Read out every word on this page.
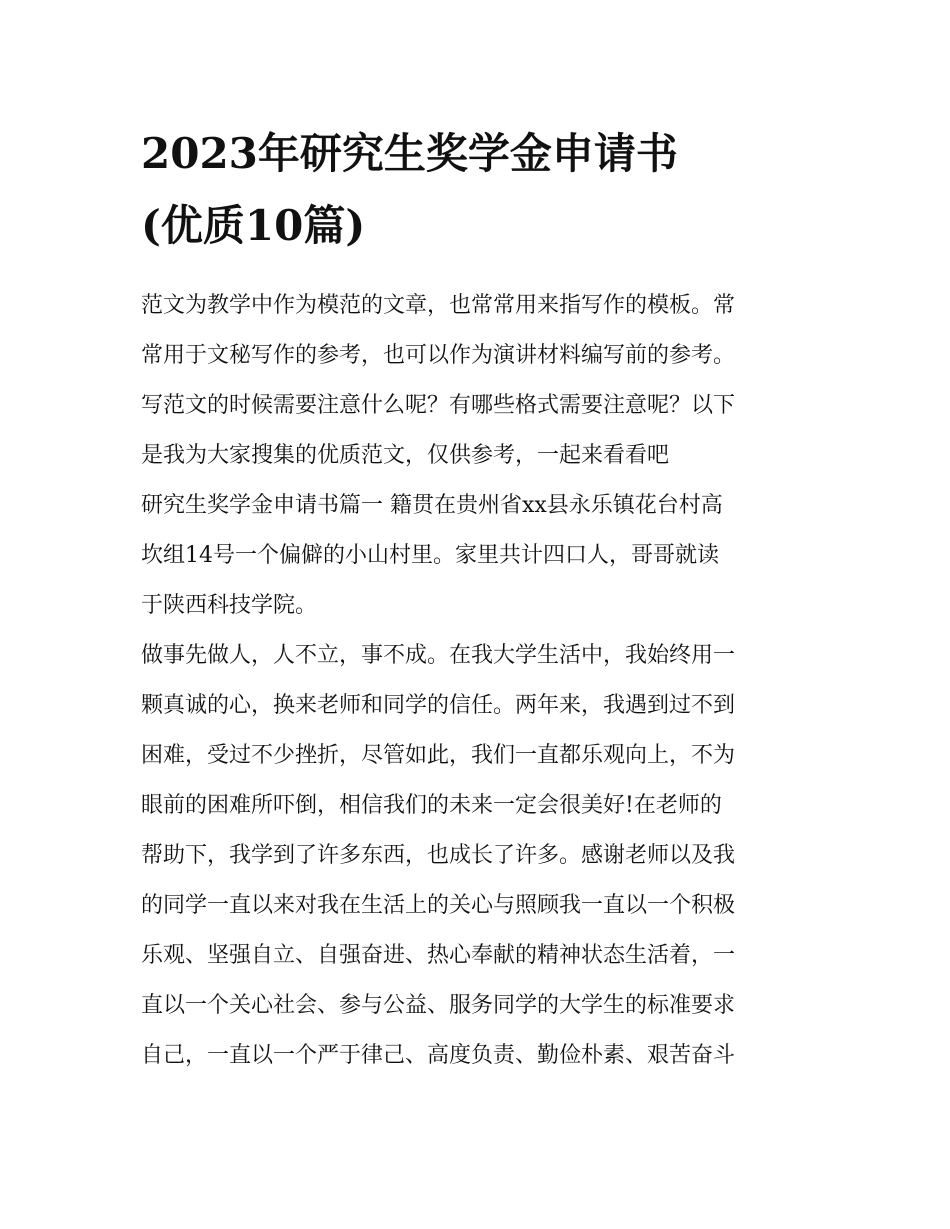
2023年研究生奖学金申请书
(优质10篇)

范文为教学中作为模范的文章，也常常用来指写作的模板。常
常用于文秘写作的参考，也可以作为演讲材料编写前的参考。
写范文的时候需要注意什么呢？有哪些格式需要注意呢？以下
是我为大家搜集的优质范文，仅供参考，一起来看看吧

研究生奖学金申请书篇一 籍贯在贵州省xx县永乐镇花台村高
坎组14号一个偏僻的小山村里。家里共计四口人，哥哥就读
于陕西科技学院。

做事先做人，人不立，事不成。在我大学生活中，我始终用一
颗真诚的心，换来老师和同学的信任。两年来，我遇到过不到
困难，受过不少挫折，尽管如此，我们一直都乐观向上，不为
眼前的困难所吓倒，相信我们的未来一定会很美好!在老师的
帮助下，我学到了许多东西，也成长了许多。感谢老师以及我
的同学一直以来对我在生活上的关心与照顾我一直以一个积极
乐观、坚强自立、自强奋进、热心奉献的精神状态生活着，一
直以一个关心社会、参与公益、服务同学的大学生的标准要求
自己，一直以一个严于律己、高度负责、勤俭朴素、艰苦奋斗
